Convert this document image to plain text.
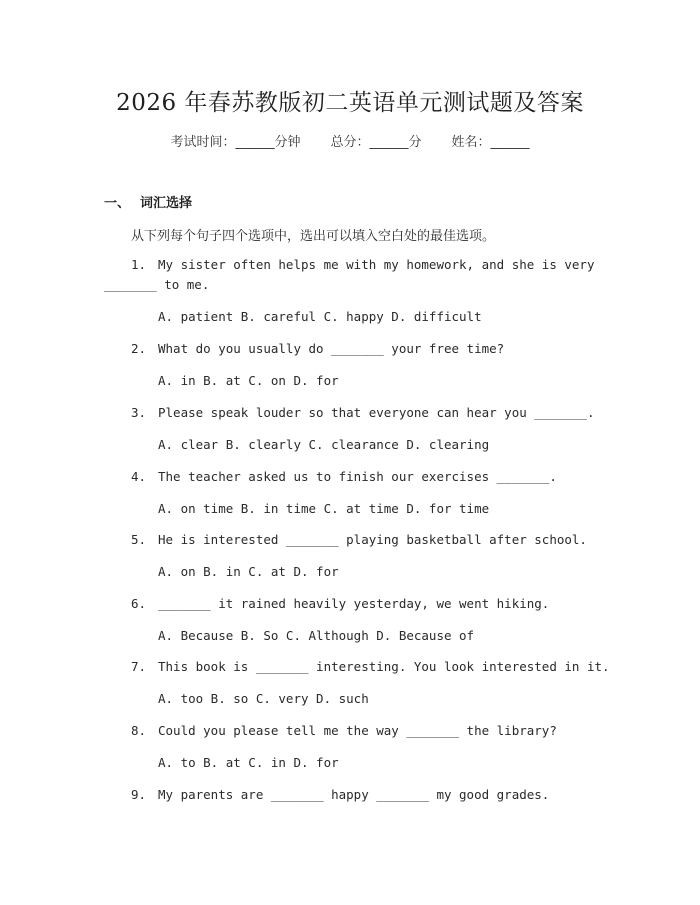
2026 年春苏教版初二英语单元测试题及答案
考试时间：______分钟 总分：______分 姓名：______
一、 词汇选择
从下列每个句子四个选项中，选出可以填入空白处的最佳选项。
1. My sister often helps me with my homework, and she is very
_______ to me.
A. patient B. careful C. happy D. difficult
2. What do you usually do _______ your free time?
A. in B. at C. on D. for
3. Please speak louder so that everyone can hear you _______.
A. clear B. clearly C. clearance D. clearing
4. The teacher asked us to finish our exercises _______.
A. on time B. in time C. at time D. for time
5. He is interested _______ playing basketball after school.
A. on B. in C. at D. for
6. _______ it rained heavily yesterday, we went hiking.
A. Because B. So C. Although D. Because of
7. This book is _______ interesting. You look interested in it.
A. too B. so C. very D. such
8. Could you please tell me the way _______ the library?
A. to B. at C. in D. for
9. My parents are _______ happy _______ my good grades.
